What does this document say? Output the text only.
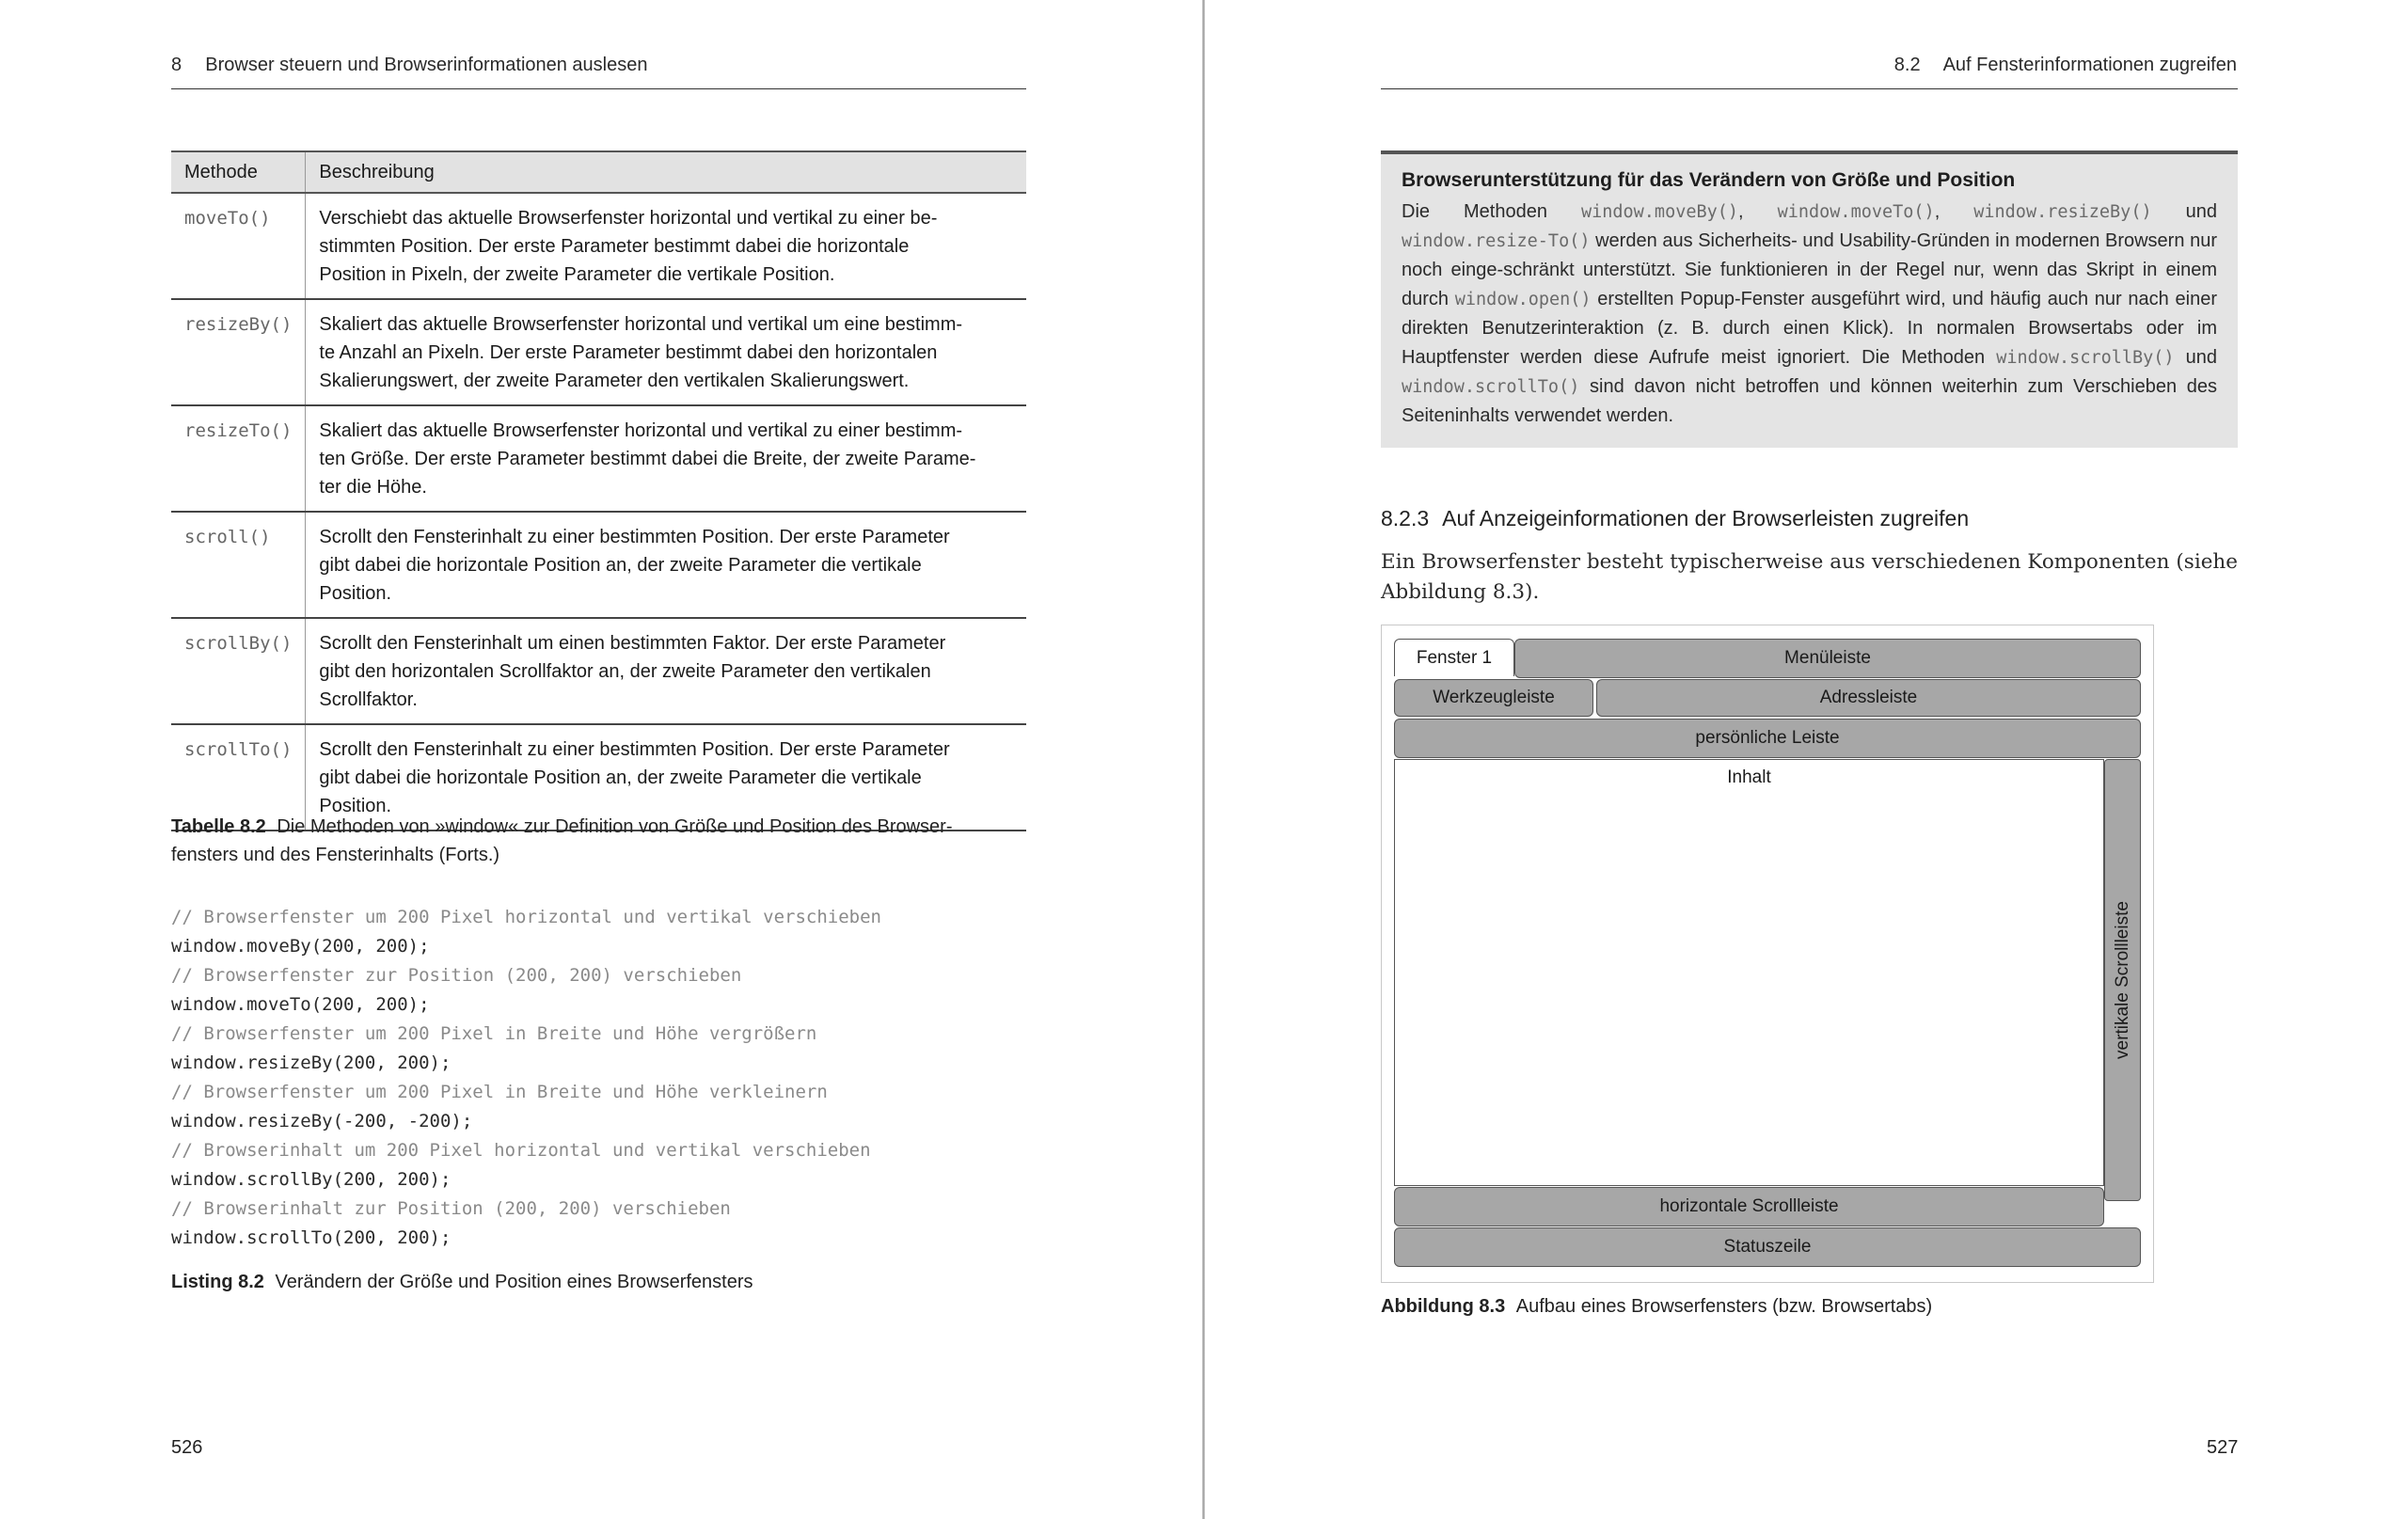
8 Browser steuern und Browserinformationen auslesen
Methode	Beschreibung
moveTo()	Verschiebt das aktuelle Browserfenster horizontal und vertikal zu einer be-
stimmten Position. Der erste Parameter bestimmt dabei die horizontale
Position in Pixeln, der zweite Parameter die vertikale Position.
resizeBy()	Skaliert das aktuelle Browserfenster horizontal und vertikal um eine bestimm-
te Anzahl an Pixeln. Der erste Parameter bestimmt dabei den horizontalen
Skalierungswert, der zweite Parameter den vertikalen Skalierungswert.
resizeTo()	Skaliert das aktuelle Browserfenster horizontal und vertikal zu einer bestimm-
ten Größe. Der erste Parameter bestimmt dabei die Breite, der zweite Parame-
ter die Höhe.
scroll()	Scrollt den Fensterinhalt zu einer bestimmten Position. Der erste Parameter
gibt dabei die horizontale Position an, der zweite Parameter die vertikale
Position.
scrollBy()	Scrollt den Fensterinhalt um einen bestimmten Faktor. Der erste Parameter
gibt den horizontalen Scrollfaktor an, der zweite Parameter den vertikalen
Scrollfaktor.
scrollTo()	Scrollt den Fensterinhalt zu einer bestimmten Position. Der erste Parameter
gibt dabei die horizontale Position an, der zweite Parameter die vertikale
Position.
Tabelle 8.2 Die Methoden von »window« zur Definition von Größe und Position des Browser-
fensters und des Fensterinhalts (Forts.)
// Browserfenster um 200 Pixel horizontal und vertikal verschieben
window.moveBy(200, 200);
// Browserfenster zur Position (200, 200) verschieben
window.moveTo(200, 200);
// Browserfenster um 200 Pixel in Breite und Höhe vergrößern
window.resizeBy(200, 200);
// Browserfenster um 200 Pixel in Breite und Höhe verkleinern
window.resizeBy(-200, -200);
// Browserinhalt um 200 Pixel horizontal und vertikal verschieben
window.scrollBy(200, 200);
// Browserinhalt zur Position (200, 200) verschieben
window.scrollTo(200, 200);
Listing 8.2 Verändern der Größe und Position eines Browserfensters
526
8.2 Auf Fensterinformationen zugreifen
Browserunterstützung für das Verändern von Größe und Position
Die Methoden window.moveBy(), window.moveTo(), window.resizeBy() und window.resize-To() werden aus Sicherheits- und Usability-Gründen in modernen Browsern nur noch einge-schränkt unterstützt. Sie funktionieren in der Regel nur, wenn das Skript in einem durch window.open() erstellten Popup-Fenster ausgeführt wird, und häufig auch nur nach einer direkten Benutzerinteraktion (z. B. durch einen Klick). In normalen Browsertabs oder im Hauptfenster werden diese Aufrufe meist ignoriert. Die Methoden window.scrollBy() und window.scrollTo() sind davon nicht betroffen und können weiterhin zum Verschieben des Seiteninhalts verwendet werden.
8.2.3 Auf Anzeigeinformationen der Browserleisten zugreifen
Ein Browserfenster besteht typischerweise aus verschiedenen Komponenten (siehe Abbildung 8.3).
Fenster 1	Menüleiste
Werkzeugleiste	Adressleiste
persönliche Leiste
Inhalt
vertikale Scrollleiste
horizontale Scrollleiste
Statuszeile
Abbildung 8.3 Aufbau eines Browserfensters (bzw. Browsertabs)
527
